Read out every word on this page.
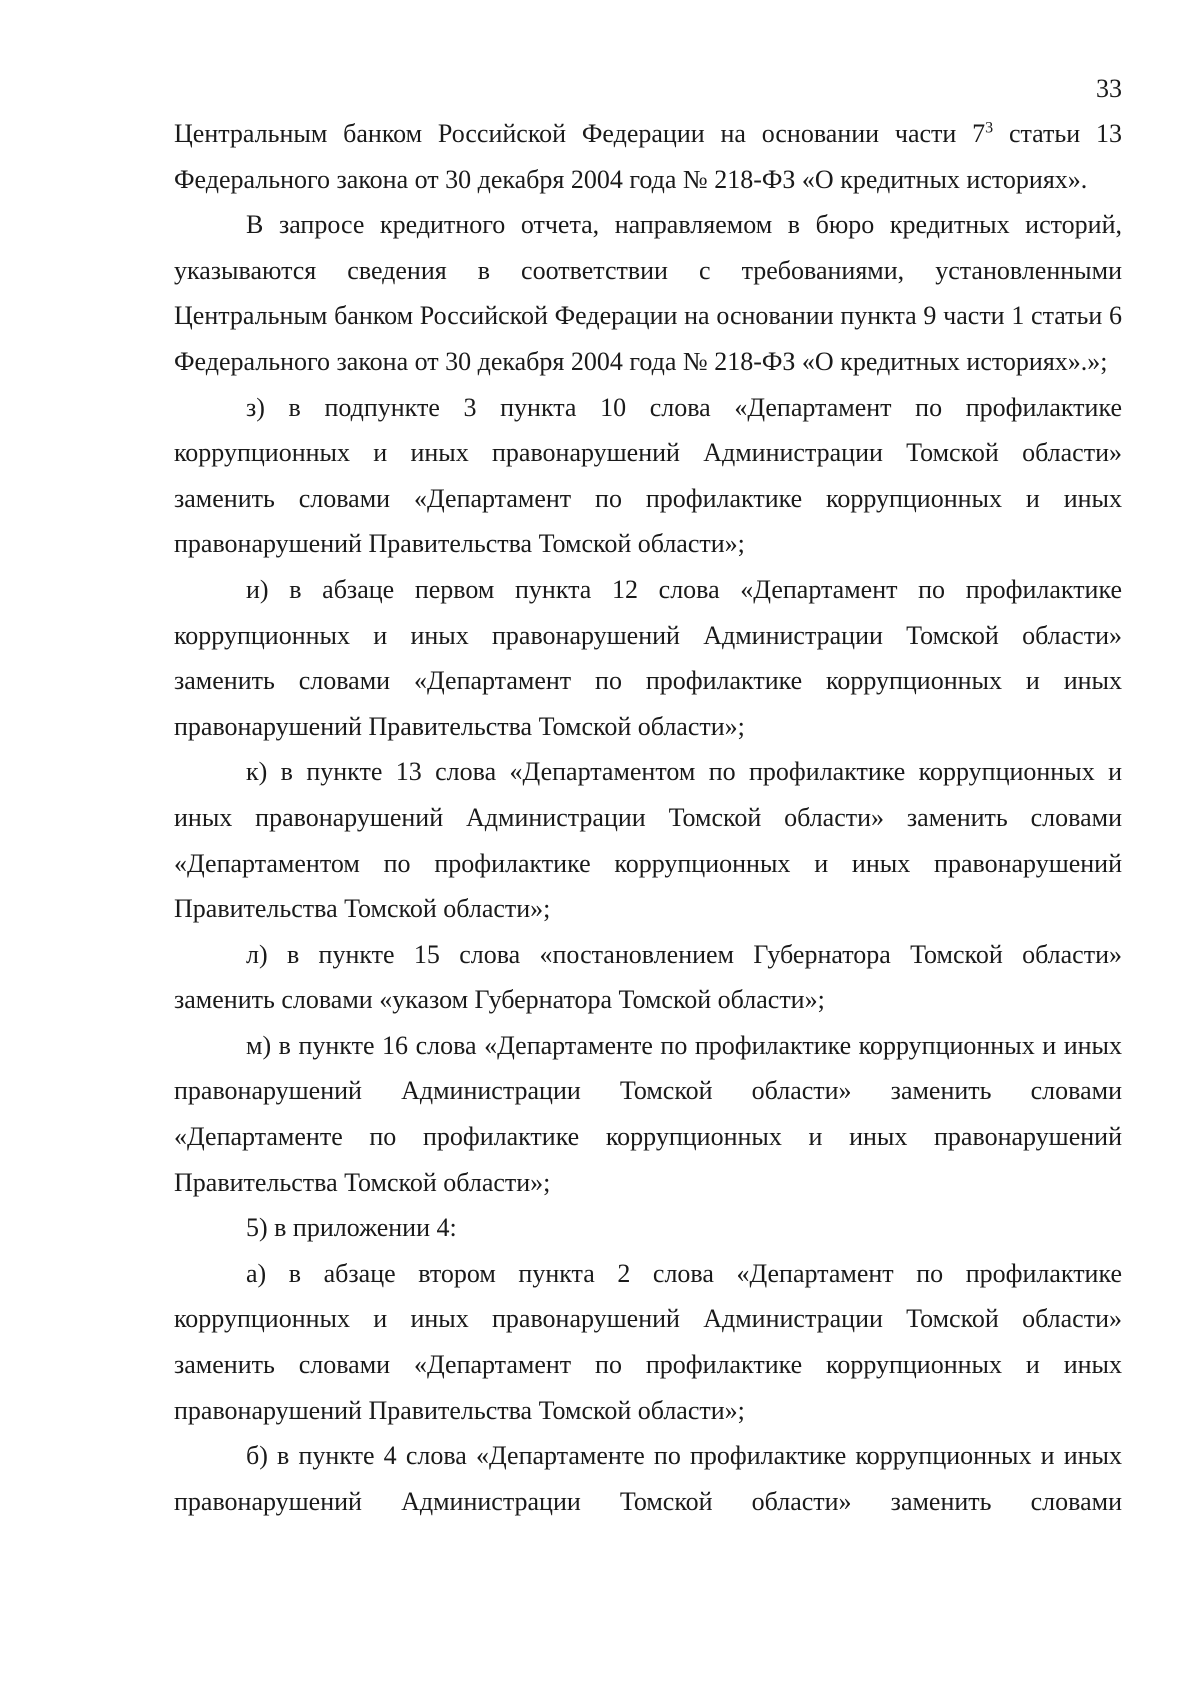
33

Центральным банком Российской Федерации на основании части $7^3$ статьи 13 Федерального закона от 30 декабря 2004 года № 218-ФЗ «О кредитных историях».

В запросе кредитного отчета, направляемом в бюро кредитных историй, указываются сведения в соответствии с требованиями, установленными Центральным банком Российской Федерации на основании пункта 9 части 1 статьи 6 Федерального закона от 30 декабря 2004 года № 218-ФЗ «О кредитных историях».»;

з) в подпункте 3 пункта 10 слова «Департамент по профилактике коррупционных и иных правонарушений Администрации Томской области» заменить словами «Департамент по профилактике коррупционных и иных правонарушений Правительства Томской области»;

и) в абзаце первом пункта 12 слова «Департамент по профилактике коррупционных и иных правонарушений Администрации Томской области» заменить словами «Департамент по профилактике коррупционных и иных правонарушений Правительства Томской области»;

к) в пункте 13 слова «Департаментом по профилактике коррупционных и иных правонарушений Администрации Томской области» заменить словами «Департаментом по профилактике коррупционных и иных правонарушений Правительства Томской области»;

л) в пункте 15 слова «постановлением Губернатора Томской области» заменить словами «указом Губернатора Томской области»;

м) в пункте 16 слова «Департаменте по профилактике коррупционных и иных правонарушений Администрации Томской области» заменить словами «Департаменте по профилактике коррупционных и иных правонарушений Правительства Томской области»;

5) в приложении 4:

а) в абзаце втором пункта 2 слова «Департамент по профилактике коррупционных и иных правонарушений Администрации Томской области» заменить словами «Департамент по профилактике коррупционных и иных правонарушений Правительства Томской области»;

б) в пункте 4 слова «Департаменте по профилактике коррупционных и иных правонарушений Администрации Томской области» заменить словами
